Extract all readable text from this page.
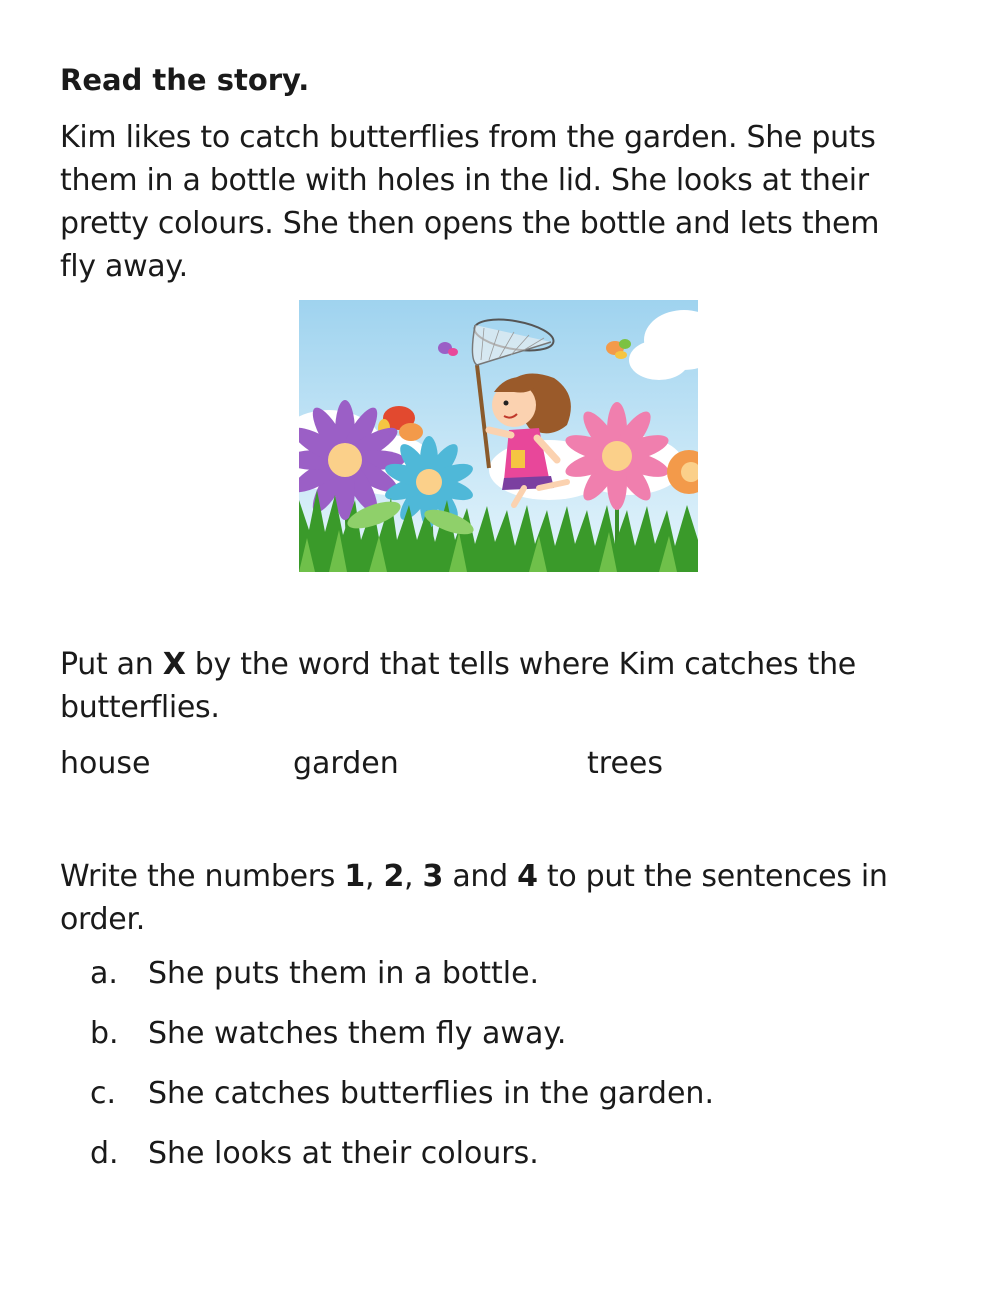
Read the story.
Kim likes to catch butterflies from the garden. She puts
them in a bottle with holes in the lid. She looks at their
pretty colours. She then opens the bottle and lets them
fly away.
Put an X by the word that tells where Kim catches the
butterflies.
house	garden	trees
Write the numbers 1, 2, 3 and 4 to put the sentences in
order.
a. She puts them in a bottle.
b. She watches them fly away.
c. She catches butterflies in the garden.
d. She looks at their colours.
